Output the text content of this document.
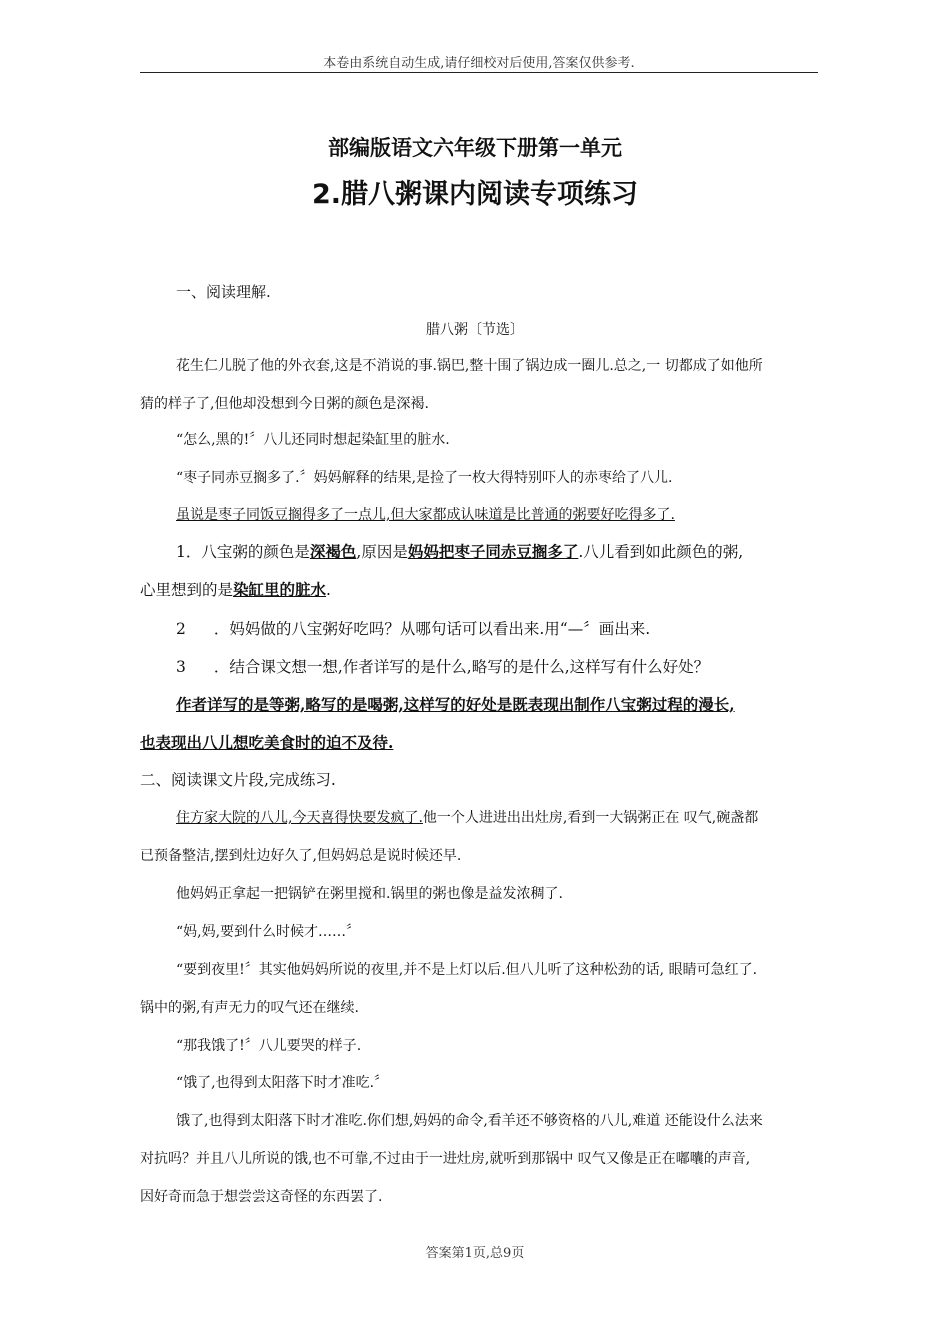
本卷由系统自动生成,请仔细校对后使用,答案仅供参考.
部编版语文六年级下册第一单元
2.腊八粥课内阅读专项练习
一、阅读理解.
腊八粥〔节选〕
花生仁儿脱了他的外衣套,这是不消说的事.锅巴,整十围了锅边成一圈儿.总之,一 切都成了如他所
猜的样子了,但他却没想到今日粥的颜色是深褐.
“怎么,黑的!〞八儿还同时想起染缸里的脏水.
“枣子同赤豆搁多了.〞妈妈解释的结果,是捡了一枚大得特别吓人的赤枣给了八儿.
虽说是枣子同饭豆搁得多了一点儿,但大家都成认味道是比普通的粥要好吃得多了.
1．八宝粥的颜色是深褐色,原因是妈妈把枣子同赤豆搁多了.八儿看到如此颜色的粥,
心里想到的是染缸里的脏水.
2 ．妈妈做的八宝粥好吃吗？从哪句话可以看出来.用“—〞画出来.
3 ．结合课文想一想,作者详写的是什么,略写的是什么,这样写有什么好处？
作者详写的是等粥,略写的是喝粥,这样写的好处是既表现出制作八宝粥过程的漫长,
也表现出八儿想吃美食时的迫不及待.
二、阅读课文片段,完成练习.
住方家大院的八儿,今天喜得快要发疯了.他一个人进进出出灶房,看到一大锅粥正在 叹气,碗盏都
已预备整洁,摆到灶边好久了,但妈妈总是说时候还早.
他妈妈正拿起一把锅铲在粥里搅和.锅里的粥也像是益发浓稠了.
“妈,妈,要到什么时候才……〞
“要到夜里!〞其实他妈妈所说的夜里,并不是上灯以后.但八儿听了这种松劲的话, 眼睛可急红了.
锅中的粥,有声无力的叹气还在继续.
“那我饿了!〞八儿要哭的样子.
“饿了,也得到太阳落下时才准吃.〞
饿了,也得到太阳落下时才准吃.你们想,妈妈的命令,看羊还不够资格的八儿,难道 还能设什么法来
对抗吗？并且八儿所说的饿,也不可靠,不过由于一进灶房,就听到那锅中 叹气又像是正在嘟囔的声音,
因好奇而急于想尝尝这奇怪的东西罢了.
答案第1页,总9页
